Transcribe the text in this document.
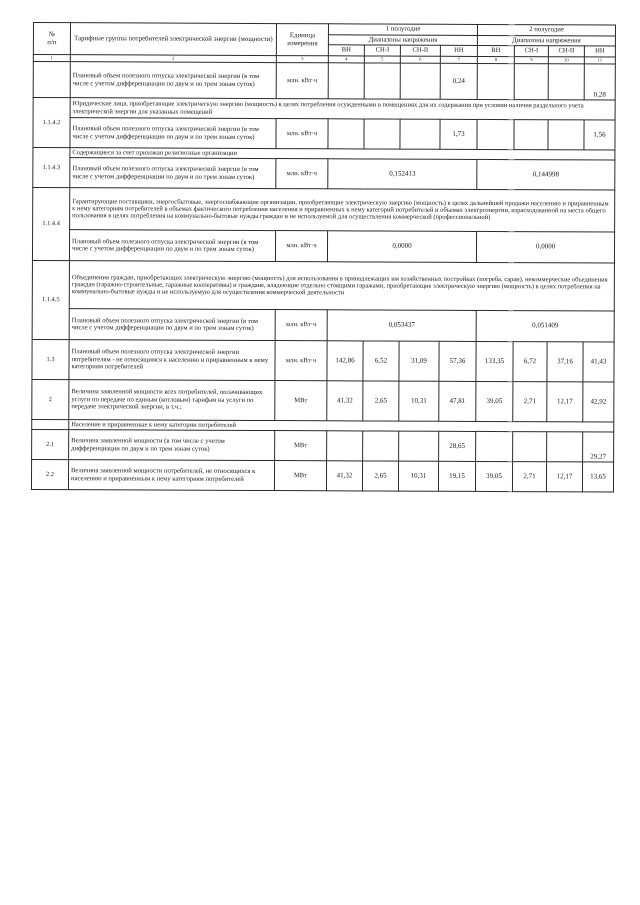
№
п/п	Тарифные группы потребителей электрической энергии (мощности)	Единица измерения	1 полугодие				2 полугодие			
			Диапазоны напряжения				Диапазоны напряжения			
			ВН	СН-I	СН-II	НН	ВН	СН-I	СН-II	НН
1	2	3	4	5	6	7	8	9	10	11
	Плановый объем полезного отпуска электрической энергии (в том числе с учетом дифференциации по двум и по трем зонам суток)	млн. кВт·ч				0,24				0,28
1.1.4.2	Юридические лица, приобретающие электрическую энергию (мощность) в целях потребления осужденными в помещениях для их содержания при условии наличия раздельного учета электрической энергии для указанных помещений									
	Плановый объем полезного отпуска электрической энергии (в том числе с учетом дифференциации по двум и по трем зонам суток)	млн. кВт·ч				1,73				1,56
1.1.4.3	Содержащиеся за счет прихожан религиозные организации									
	Плановый объем полезного отпуска электрической энергии (в том числе с учетом дифференциации по двум и по трем зонам суток)	млн. кВт·ч	0,152413				0,144998			
1.1.4.4	Гарантирующие поставщики, энергосбытовые, энергоснабжающие организации, приобретающие электрическую энергию (мощность) в целях дальнейшей продажи населению и приравненным к нему категориям потребителей в объемах фактического потребления населения и приравненных к нему категорий потребителей и объемах электроэнергии, израсходованной на места общего пользования в целях потребления на коммунально-бытовые нужды граждан и не используемой для осуществления коммерческой (профессиональной)									
	Плановый объем полезного отпуска электрической энергии (в том числе с учетом дифференциации по двум и по трем зонам суток)	млн. кВт·ч	0,0000				0,0000			
1.1.4.5	Объединения граждан, приобретающих электрическую энергию (мощность) для использования в принадлежащих им хозяйственных постройках (погреба, сараи), некоммерческие объединения граждан (гаражно-строительные, гаражные кооперативы) и граждане, владеющие отдельно стоящими гаражами, приобретающие электрическую энергию (мощность) в целях потребления на коммунально-бытовые нужды и не используемую для осуществления коммерческой деятельности									
	Плановый объем полезного отпуска электрической энергии (в том числе с учетом дифференциации по двум и по трем зонам суток)	млн. кВт·ч	0,053437				0,051409			
1.3	Плановый объем полезного отпуска электрической энергии потребителям - не относящимся к населению и приравненным к нему категориям потребителей	млн. кВт·ч	142,86	6,52	31,09	57,36	133,35	6,72	37,16	41,43
2	Величина заявленной мощности всех потребителей, оплачивающих услуги по передаче по единым (котловым) тарифам на услуги по передаче электрической энергии, в т.ч.:	МВт	41,32	2,65	10,31	47,81	39,05	2,71	12,17	42,92
	Население и приравненные к нему категории потребителей									
2.1	Величина заявленной мощности (в том числе с учетом дифференциации по двум и по трем зонам суток)	МВт				28,65				29,27
2.2	Величина заявленной мощности потребителей, не относящихся к населению и приравненным к нему категориям потребителей	МВт	41,32	2,65	10,31	19,15	39,05	2,71	12,17	13,65
